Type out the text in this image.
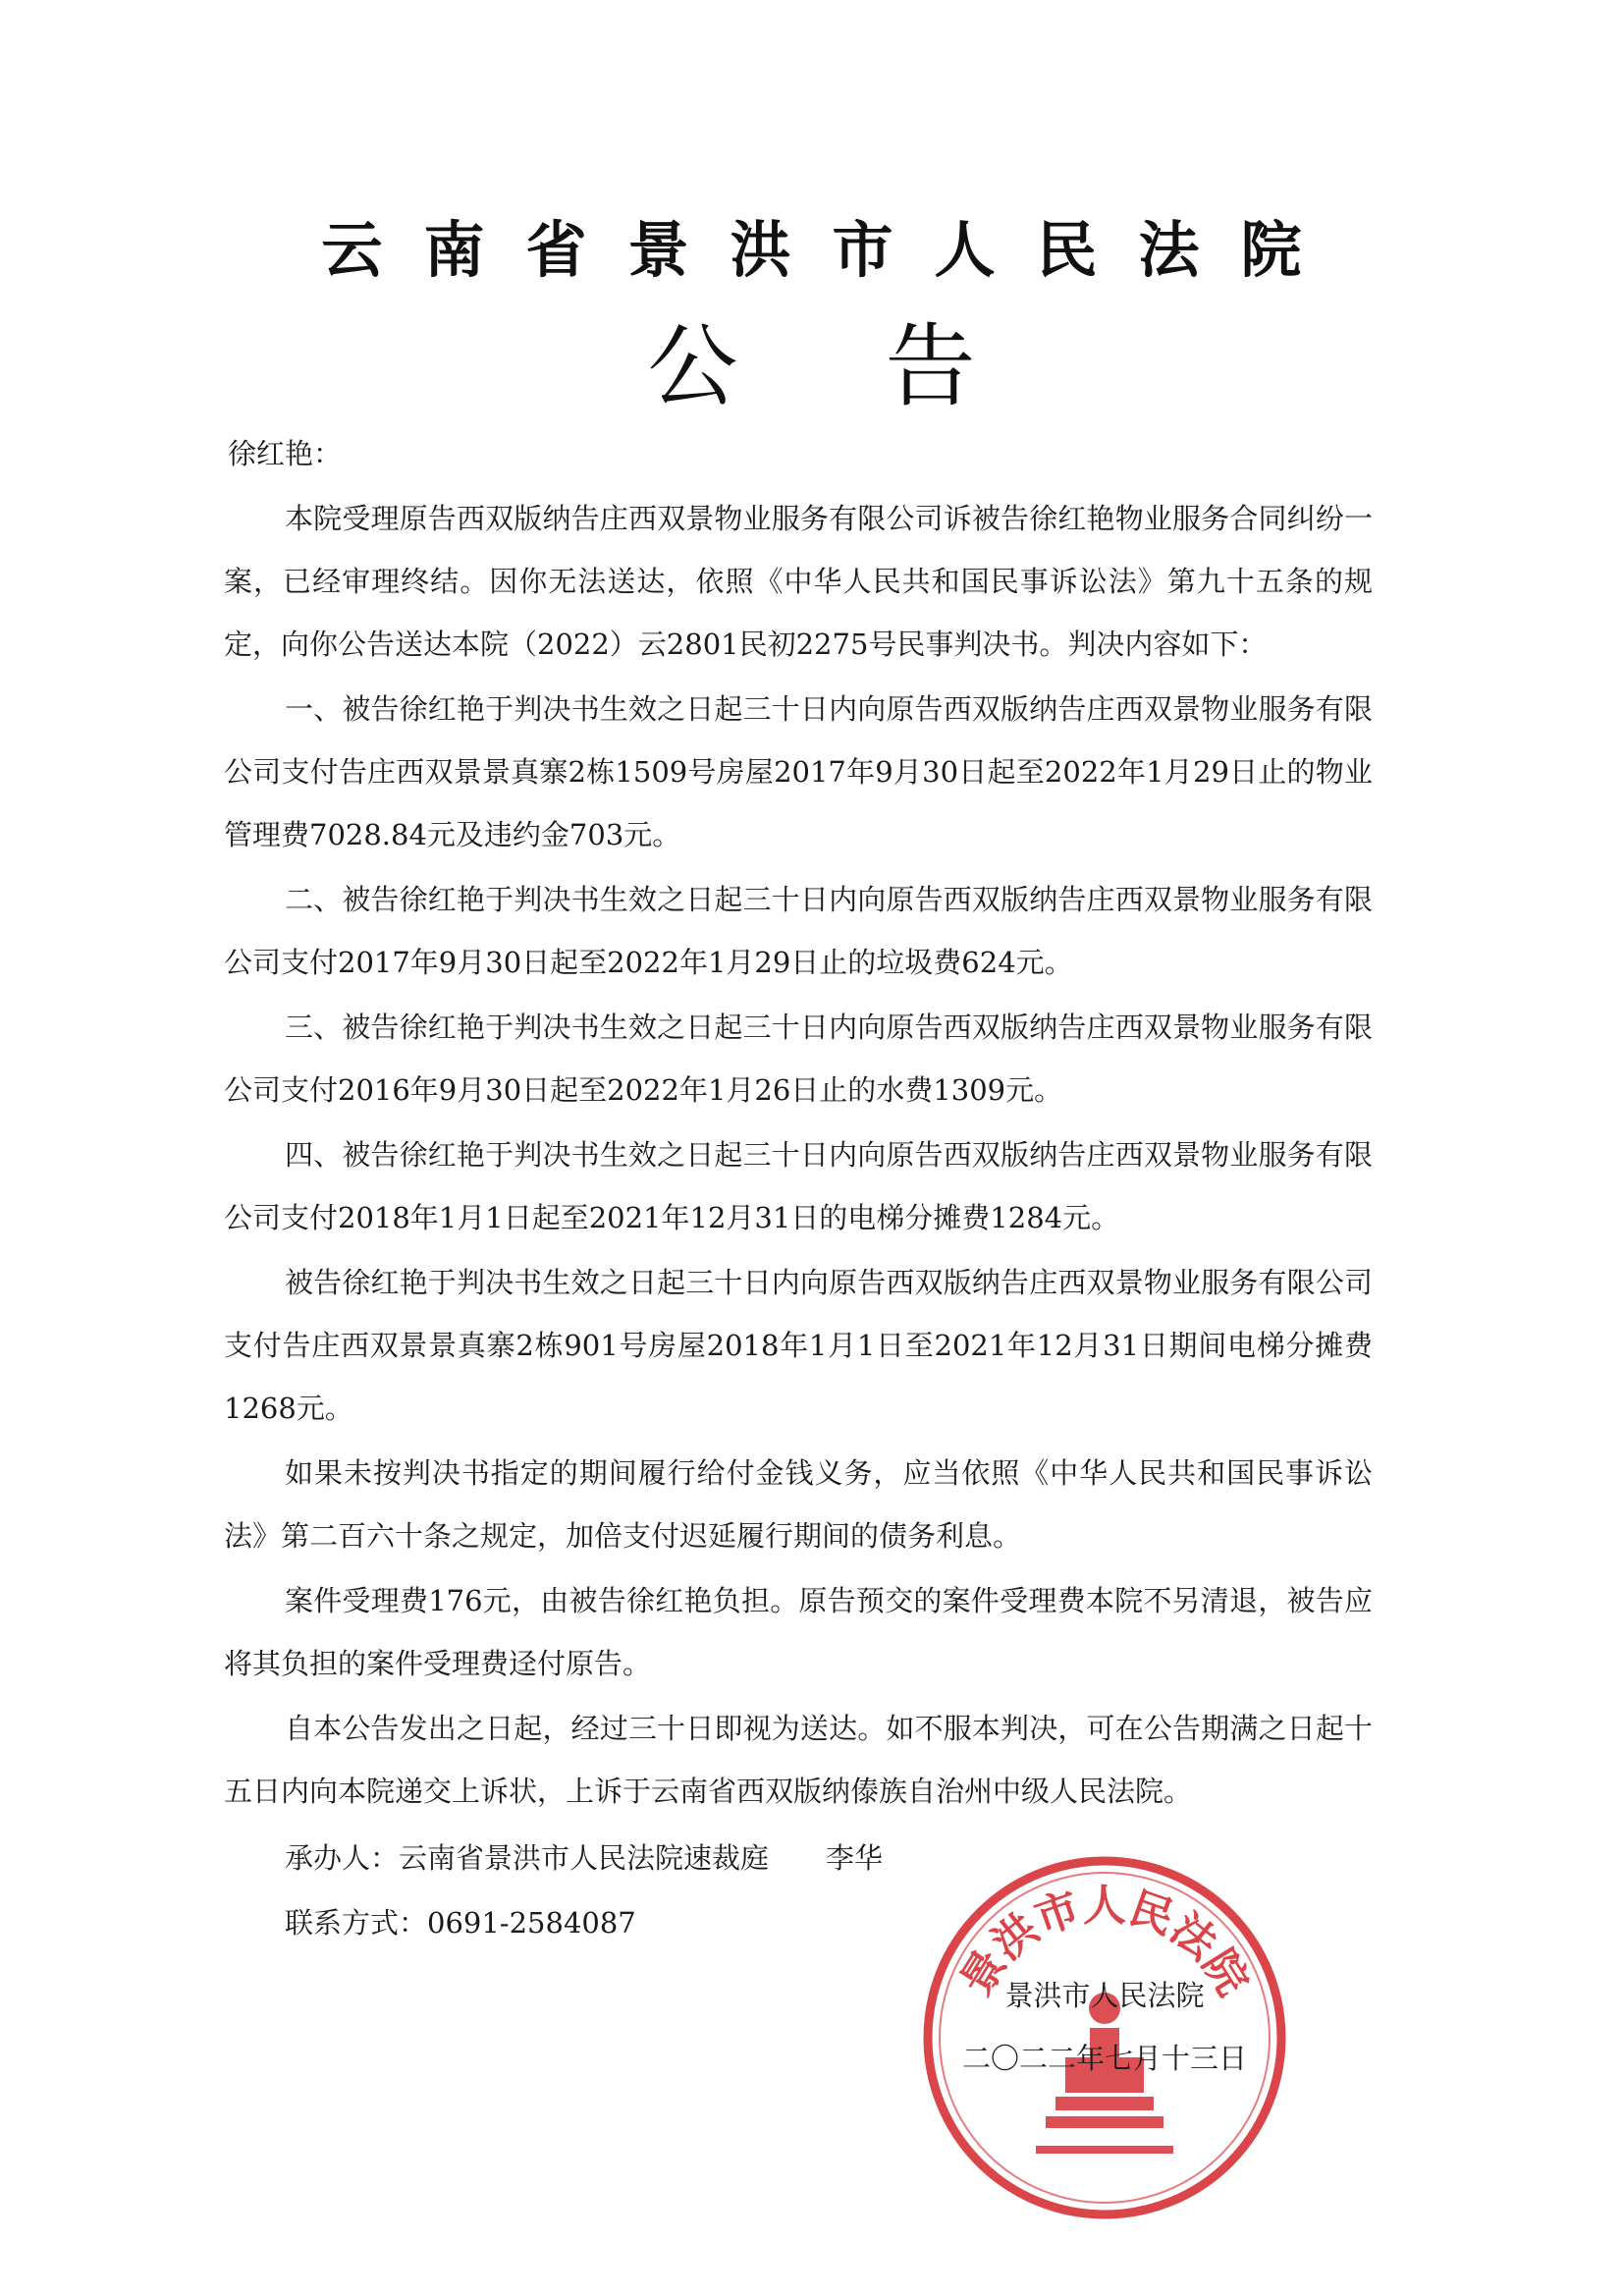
云南省景洪市人民法院
公告

徐红艳：

本院受理原告西双版纳告庄西双景物业服务有限公司诉被告徐红艳物业服务合同纠纷一案，已经审理终结。因你无法送达，依照《中华人民共和国民事诉讼法》第九十五条的规定，向你公告送达本院（2022）云2801民初2275号民事判决书。判决内容如下：

一、被告徐红艳于判决书生效之日起三十日内向原告西双版纳告庄西双景物业服务有限公司支付告庄西双景景真寨2栋1509号房屋2017年9月30日起至2022年1月29日止的物业管理费7028.84元及违约金703元。

二、被告徐红艳于判决书生效之日起三十日内向原告西双版纳告庄西双景物业服务有限公司支付2017年9月30日起至2022年1月29日止的垃圾费624元。

三、被告徐红艳于判决书生效之日起三十日内向原告西双版纳告庄西双景物业服务有限公司支付2016年9月30日起至2022年1月26日止的水费1309元。

四、被告徐红艳于判决书生效之日起三十日内向原告西双版纳告庄西双景物业服务有限公司支付2018年1月1日起至2021年12月31日的电梯分摊费1284元。

被告徐红艳于判决书生效之日起三十日内向原告西双版纳告庄西双景物业服务有限公司支付告庄西双景景真寨2栋901号房屋2018年1月1日至2021年12月31日期间电梯分摊费1268元。

如果未按判决书指定的期间履行给付金钱义务，应当依照《中华人民共和国民事诉讼法》第二百六十条之规定，加倍支付迟延履行期间的债务利息。

案件受理费176元，由被告徐红艳负担。原告预交的案件受理费本院不另清退，被告应将其负担的案件受理费迳付原告。

自本公告发出之日起，经过三十日即视为送达。如不服本判决，可在公告期满之日起十五日内向本院递交上诉状，上诉于云南省西双版纳傣族自治州中级人民法院。

承办人：云南省景洪市人民法院速裁庭　　李华

联系方式：0691-2584087

景洪市人民法院
景洪市人民法院
二〇二二年七月十三日
